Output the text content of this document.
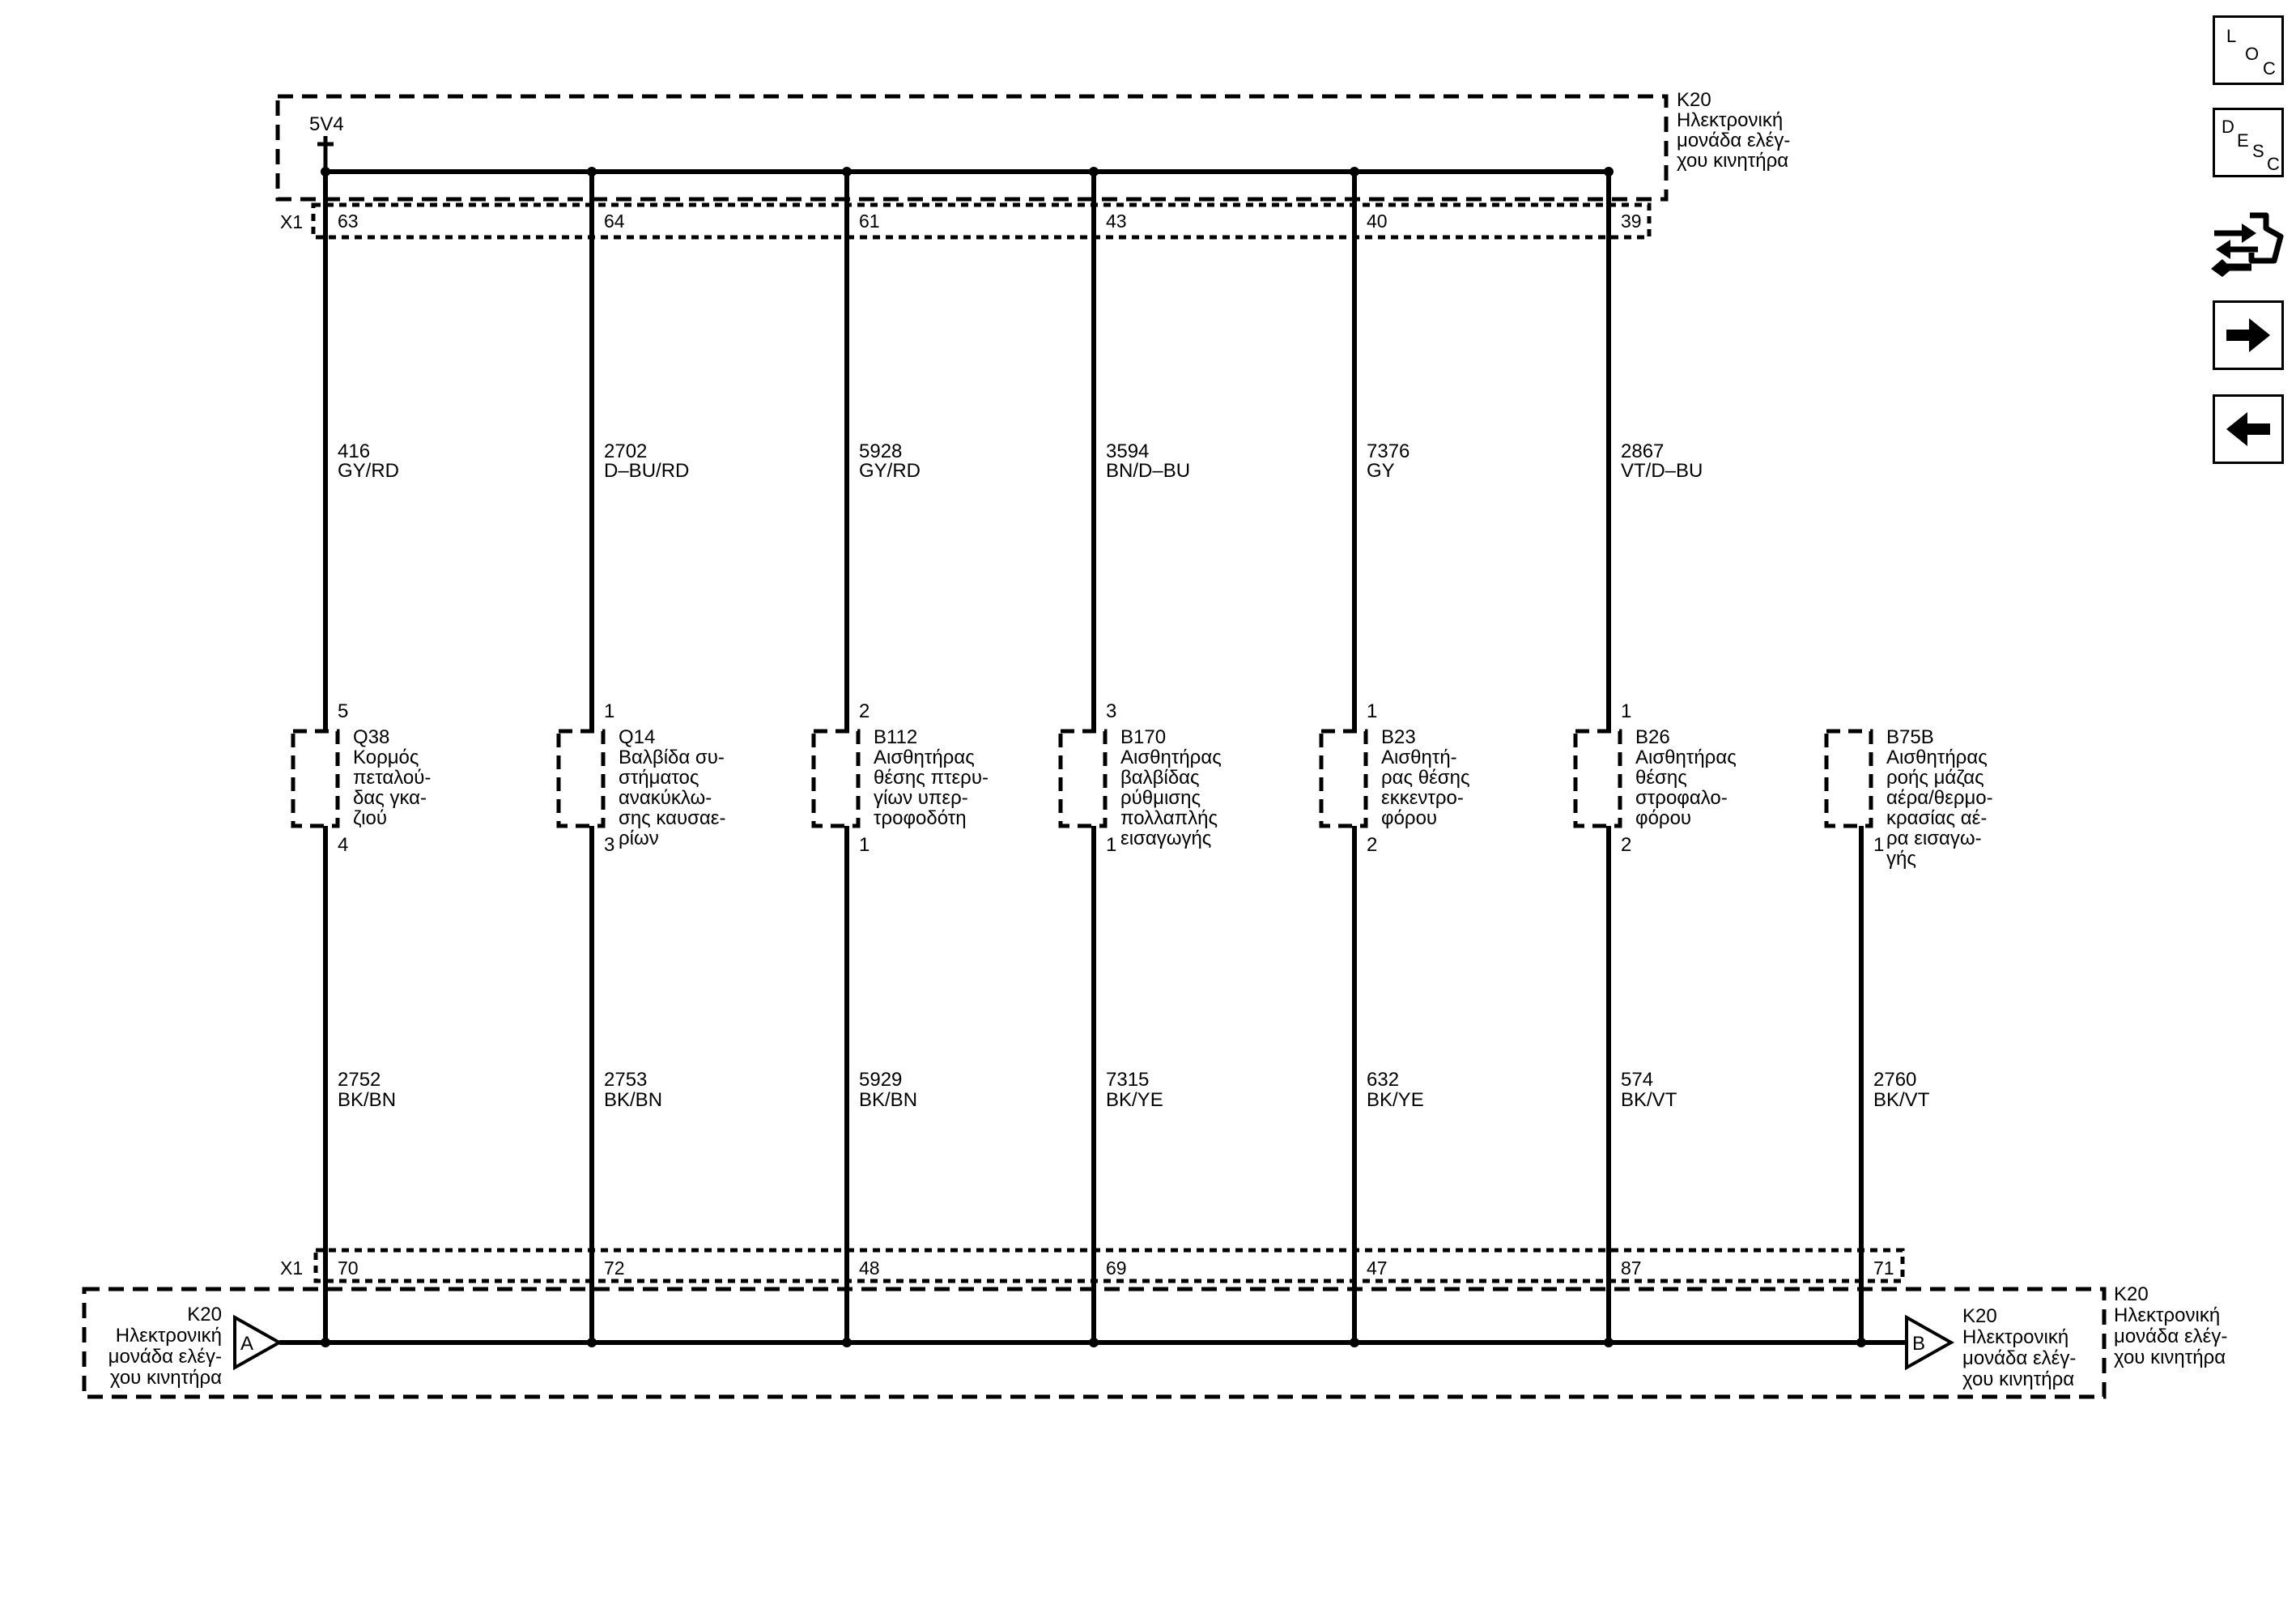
5V4
X1
X1
K20
Ηλεκτρονική
μονάδα ελέγ-
χου κινητήρα
K20
Ηλεκτρονική
μονάδα ελέγ-
χου κινητήρα
A
K20
Ηλεκτρονική
μονάδα ελέγ-
χου κινητήρα
B
K20
Ηλεκτρονική
μονάδα ελέγ-
χου κινητήρα
63
416
GY/RD
5
Q38
Κορμός
πεταλού-
δας γκα-
ζιού
4
2752
BK/BN
70
64
2702
D–BU/RD
1
Q14
Βαλβίδα συ-
στήματος
ανακύκλω-
σης καυσαε-
ρίων
3
2753
BK/BN
72
61
5928
GY/RD
2
B112
Αισθητήρας
θέσης πτερυ-
γίων υπερ-
τροφοδότη
1
5929
BK/BN
48
43
3594
BN/D–BU
3
B170
Αισθητήρας
βαλβίδας
ρύθμισης
πολλαπλής
εισαγωγής
1
7315
BK/YE
69
40
7376
GY
1
B23
Αισθητή-
ρας θέσης
εκκεντρο-
φόρου
2
632
BK/YE
47
39
2867
VT/D–BU
1
B26
Αισθητήρας
θέσης
στροφαλο-
φόρου
2
574
BK/VT
87
B75B
Αισθητήρας
ροής μάζας
αέρα/θερμο-
κρασίας αέ-
ρα εισαγω-
γής
1
2760
BK/VT
71
L
O
C
D
E
S
C
